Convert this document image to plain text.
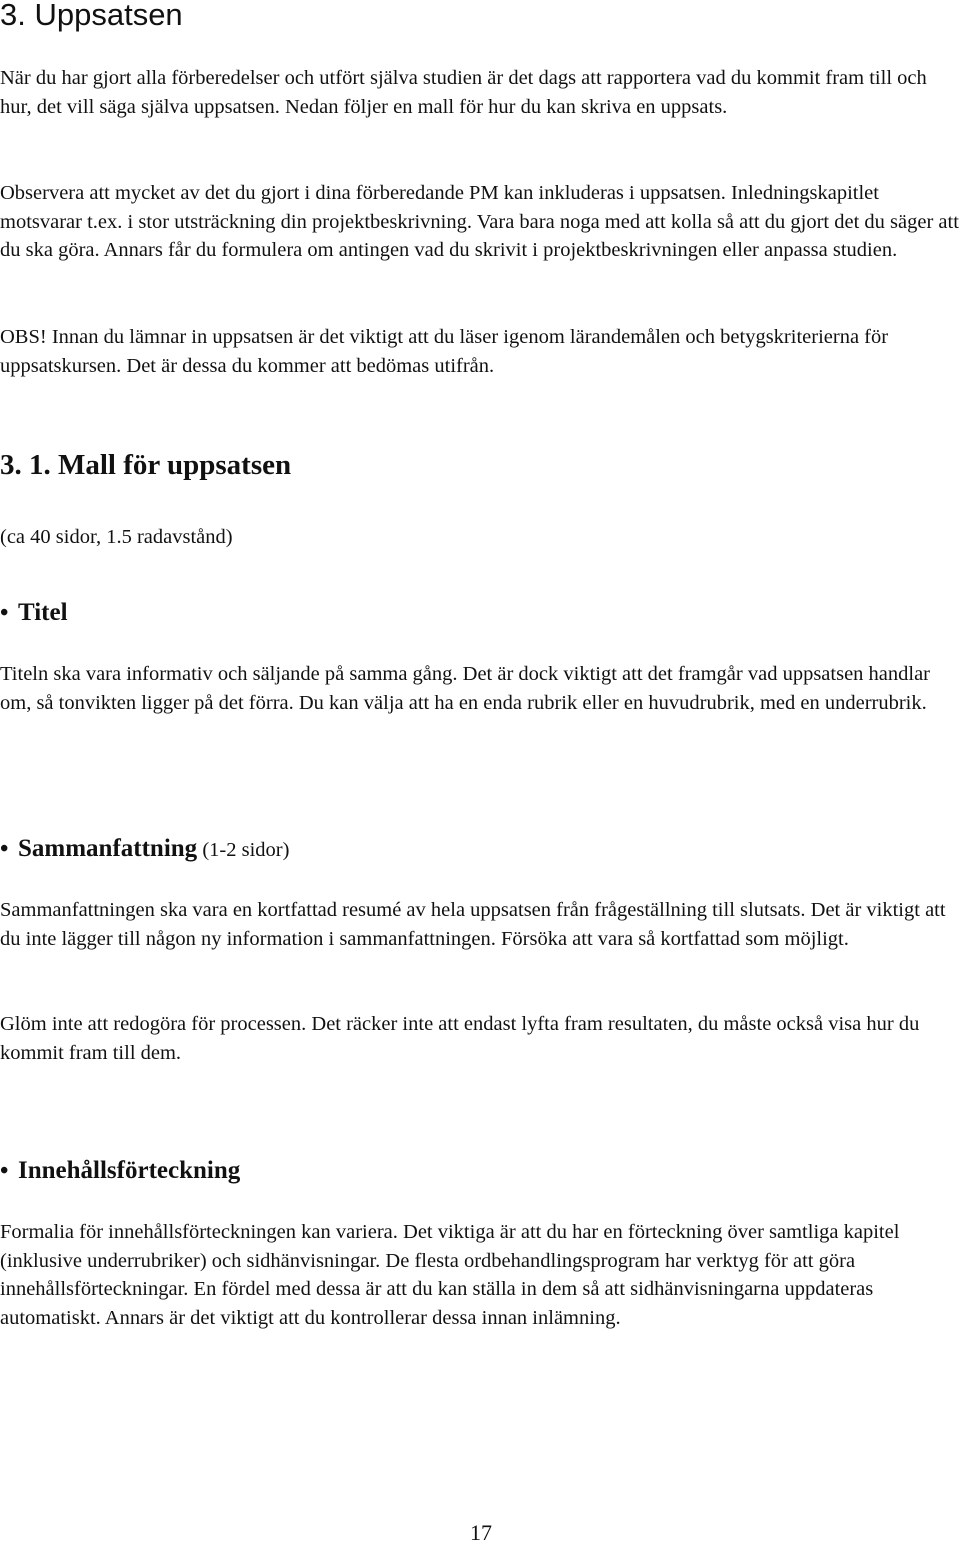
3. Uppsatsen

När du har gjort alla förberedelser och utfört själva studien är det dags att rapportera vad du kommit fram till och hur, det vill säga själva uppsatsen. Nedan följer en mall för hur du kan skriva en uppsats.

Observera att mycket av det du gjort i dina förberedande PM kan inkluderas i uppsatsen. Inledningskapitlet motsvarar t.ex. i stor utsträckning din projektbeskrivning. Vara bara noga med att kolla så att du gjort det du säger att du ska göra. Annars får du formulera om antingen vad du skrivit i projektbeskrivningen eller anpassa studien.

OBS! Innan du lämnar in uppsatsen är det viktigt att du läser igenom lärandemålen och betygskriterierna för uppsatskursen. Det är dessa du kommer att bedömas utifrån.

3. 1. Mall för uppsatsen

(ca 40 sidor, 1.5 radavstånd)

• Titel

Titeln ska vara informativ och säljande på samma gång. Det är dock viktigt att det framgår vad uppsatsen handlar om, så tonvikten ligger på det förra. Du kan välja att ha en enda rubrik eller en huvudrubrik, med en underrubrik.

• Sammanfattning (1-2 sidor)

Sammanfattningen ska vara en kortfattad resumé av hela uppsatsen från frågeställning till slutsats. Det är viktigt att du inte lägger till någon ny information i sammanfattningen. Försöka att vara så kortfattad som möjligt.

Glöm inte att redogöra för processen. Det räcker inte att endast lyfta fram resultaten, du måste också visa hur du kommit fram till dem.

• Innehållsförteckning

Formalia för innehållsförteckningen kan variera. Det viktiga är att du har en förteckning över samtliga kapitel (inklusive underrubriker) och sidhänvisningar. De flesta ordbehandlingsprogram har verktyg för att göra innehållsförteckningar. En fördel med dessa är att du kan ställa in dem så att sidhänvisningarna uppdateras automatiskt. Annars är det viktigt att du kontrollerar dessa innan inlämning.

17
